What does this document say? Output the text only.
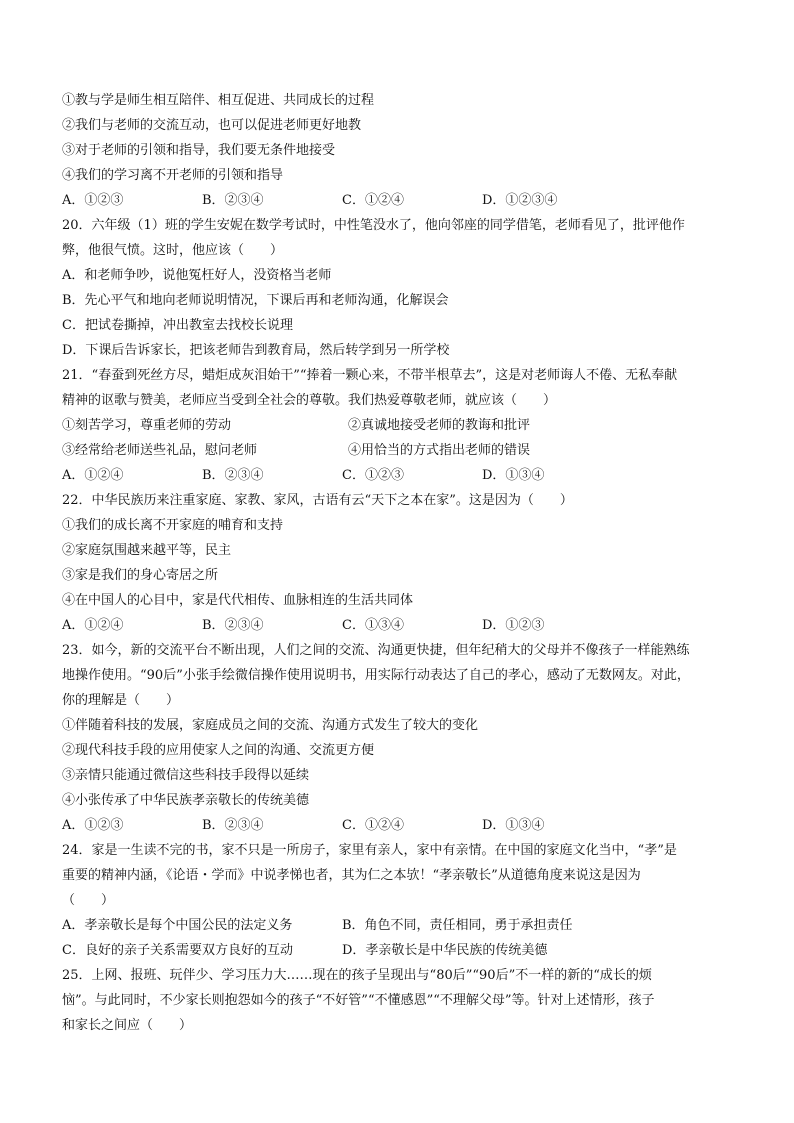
①教与学是师生相互陪伴、相互促进、共同成长的过程
②我们与老师的交流互动，也可以促进老师更好地教
③对于老师的引领和指导，我们要无条件地接受
④我们的学习离不开老师的引领和指导
A．①②③	B．②③④	C．①②④	D．①②③④
20．六年级（1）班的学生安妮在数学考试时，中性笔没水了，他向邻座的同学借笔，老师看见了，批评他作
弊，他很气愤。这时，他应该（　　）
A．和老师争吵，说他冤枉好人，没资格当老师
B．先心平气和地向老师说明情况，下课后再和老师沟通，化解误会
C．把试卷撕掉，冲出教室去找校长说理
D．下课后告诉家长，把该老师告到教育局，然后转学到另一所学校
21．“春蚕到死丝方尽，蜡炬成灰泪始干”“捧着一颗心来，不带半根草去”，这是对老师诲人不倦、无私奉献
精神的讴歌与赞美，老师应当受到全社会的尊敬。我们热爱尊敬老师，就应该（　　）
①刻苦学习，尊重老师的劳动	②真诚地接受老师的教诲和批评
③经常给老师送些礼品，慰问老师	④用恰当的方式指出老师的错误
A．①②④	B．②③④	C．①②③	D．①③④
22．中华民族历来注重家庭、家教、家风，古语有云“天下之本在家”。这是因为（　　）
①我们的成长离不开家庭的哺育和支持
②家庭氛围越来越平等，民主
③家是我们的身心寄居之所
④在中国人的心目中，家是代代相传、血脉相连的生活共同体
A．①②④	B．②③④	C．①③④	D．①②③
23．如今，新的交流平台不断出现，人们之间的交流、沟通更快捷，但年纪稍大的父母并不像孩子一样能熟练
地操作使用。“90后”小张手绘微信操作使用说明书，用实际行动表达了自己的孝心，感动了无数网友。对此，
你的理解是（　　）
①伴随着科技的发展，家庭成员之间的交流、沟通方式发生了较大的变化
②现代科技手段的应用使家人之间的沟通、交流更方便
③亲情只能通过微信这些科技手段得以延续
④小张传承了中华民族孝亲敬长的传统美德
A．①②③	B．②③④	C．①②④	D．①③④
24．家是一生读不完的书，家不只是一所房子，家里有亲人，家中有亲情。在中国的家庭文化当中，“孝”是
重要的精神内涵，《论语・学而》中说孝悌也者，其为仁之本欤！“孝亲敬长”从道德角度来说这是因为
（　　）
A．孝亲敬长是每个中国公民的法定义务	B．角色不同，责任相同，勇于承担责任
C．良好的亲子关系需要双方良好的互动	D．孝亲敬长是中华民族的传统美德
25．上网、报班、玩伴少、学习压力大……现在的孩子呈现出与“80后”“90后”不一样的新的“成长的烦
恼”。与此同时，不少家长则抱怨如今的孩子“不好管”“不懂感恩”“不理解父母”等。针对上述情形，孩子
和家长之间应（　　）
